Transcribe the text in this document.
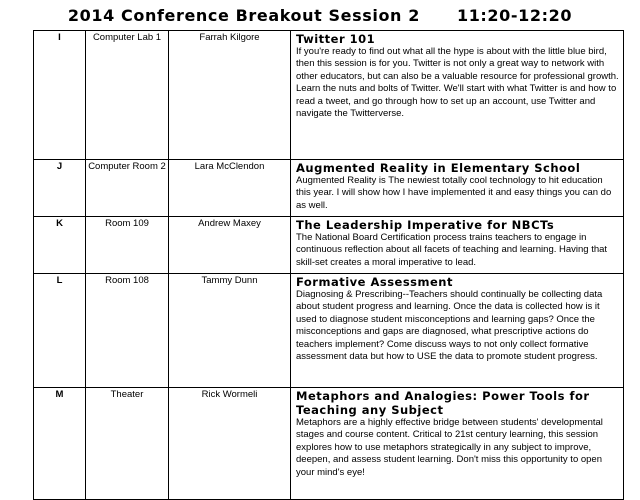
2014 Conference Breakout Session 2      11:20-12:20
I	Computer Lab 1	Farrah Kilgore	Twitter 101
If you're ready to find out what all the hype is about with the little blue bird, then this session is for you. Twitter is not only a great way to network with other educators, but can also be a valuable resource for professional growth. Learn the nuts and bolts of Twitter. We'll start with what Twitter is and how to read a tweet, and go through how to set up an account, use Twitter and navigate the Twitterverse.

J	Computer Room 2	Lara McClendon	Augmented Reality in Elementary School
Augmented Reality is The newiest totally cool technology to hit education this year. I will show how I have implemented it and easy things you can do as well.

K	Room 109	Andrew Maxey	The Leadership Imperative for NBCTs
The National Board Certification process trains teachers to engage in continuous reflection about all facets of teaching and learning. Having that skill-set creates a moral imperative to lead.

L	Room 108	Tammy Dunn	Formative Assessment
Diagnosing & Prescribing--Teachers should continually be collecting data about student progress and learning. Once the data is collected how is it used to diagnose student misconceptions and learning gaps? Once the misconceptions and gaps are diagnosed, what prescriptive actions do teachers implement? Come discuss ways to not only collect formative assessment data but how to USE the data to promote student progress.

M	Theater	Rick Wormeli	Metaphors and Analogies: Power Tools for Teaching any Subject
Metaphors are a highly effective bridge between students' developmental stages and course content. Critical to 21st century learning, this session explores how to use metaphors strategically in any subject to improve, deepen, and assess student learning. Don't miss this opportunity to open your mind's eye!
